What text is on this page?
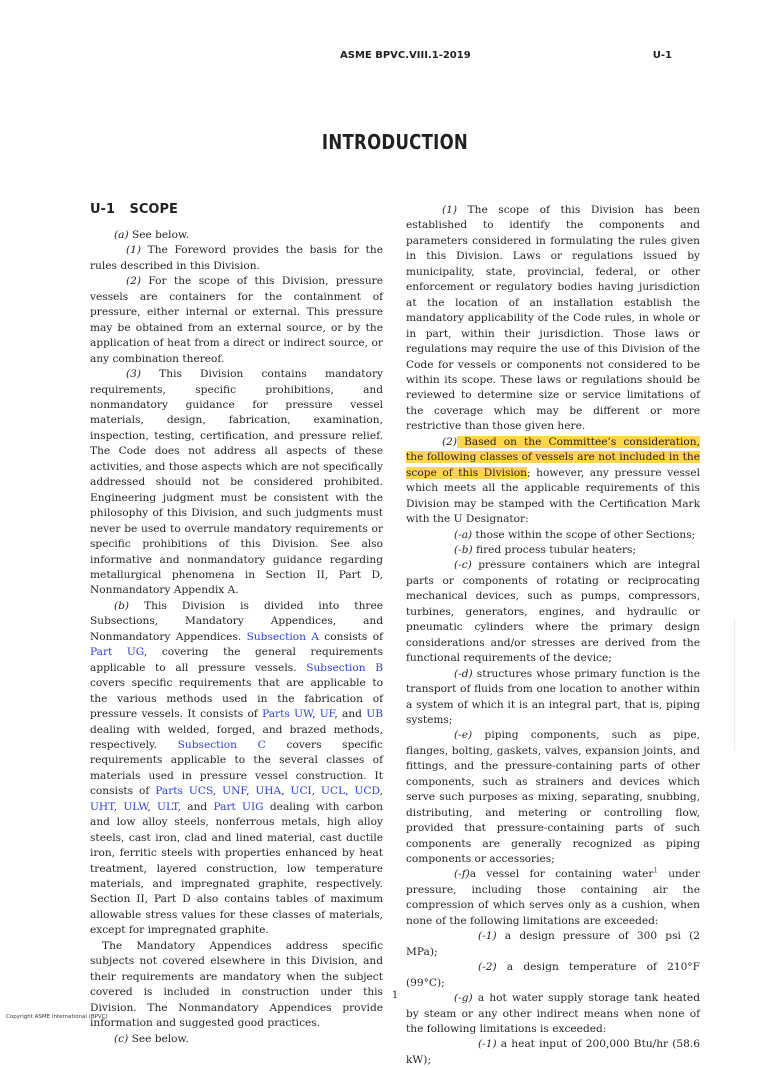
ASME BPVC.VIII.1-2019	U-1
INTRODUCTION
U-1 SCOPE

(a) See below.

(1) The Foreword provides the basis for the rules described in this Division.

(2) For the scope of this Division, pressure vessels are containers for the containment of pressure, either internal or external. This pressure may be obtained from an external source, or by the application of heat from a direct or indirect source, or any combination thereof.

(3) This Division contains mandatory requirements, specific prohibitions, and nonmandatory guidance for pressure vessel materials, design, fabrication, examination, inspection, testing, certification, and pressure relief. The Code does not address all aspects of these activities, and those aspects which are not specifically addressed should not be considered prohibited. Engineering judgment must be consistent with the philosophy of this Division, and such judgments must never be used to overrule mandatory requirements or specific prohibitions of this Division. See also informative and nonmandatory guidance regarding metallurgical phenomena in Section II, Part D, Nonmandatory Appendix A.

(b) This Division is divided into three Subsections, Mandatory Appendices, and Nonmandatory Appendices. Subsection A consists of Part UG, covering the general requirements applicable to all pressure vessels. Subsection B covers specific requirements that are applicable to the various methods used in the fabrication of pressure vessels. It consists of Parts UW, UF, and UB dealing with welded, forged, and brazed methods, respectively. Subsection C covers specific requirements applicable to the several classes of materials used in pressure vessel construction. It consists of Parts UCS, UNF, UHA, UCI, UCL, UCD, UHT, ULW, ULT, and Part UIG dealing with carbon and low alloy steels, nonferrous metals, high alloy steels, cast iron, clad and lined material, cast ductile iron, ferritic steels with properties enhanced by heat treatment, layered construction, low temperature materials, and impregnated graphite, respectively. Section II, Part D also contains tables of maximum allowable stress values for these classes of materials, except for impregnated graphite.

The Mandatory Appendices address specific subjects not covered elsewhere in this Division, and their requirements are mandatory when the subject covered is included in construction under this Division. The Nonmandatory Appendices provide information and suggested good practices.

(c) See below.

(1) The scope of this Division has been established to identify the components and parameters considered in formulating the rules given in this Division. Laws or regulations issued by municipality, state, provincial, federal, or other enforcement or regulatory bodies having jurisdiction at the location of an installation establish the mandatory applicability of the Code rules, in whole or in part, within their jurisdiction. Those laws or regulations may require the use of this Division of the Code for vessels or components not considered to be within its scope. These laws or regulations should be reviewed to determine size or service limitations of the coverage which may be different or more restrictive than those given here.

(2) Based on the Committee’s consideration, the following classes of vessels are not included in the scope of this Division; however, any pressure vessel which meets all the applicable requirements of this Division may be stamped with the Certification Mark with the U Designator:

(-a) those within the scope of other Sections;

(-b) fired process tubular heaters;

(-c) pressure containers which are integral parts or components of rotating or reciprocating mechanical devices, such as pumps, compressors, turbines, generators, engines, and hydraulic or pneumatic cylinders where the primary design considerations and/or stresses are derived from the functional requirements of the device;

(-d) structures whose primary function is the transport of fluids from one location to another within a system of which it is an integral part, that is, piping systems;

(-e) piping components, such as pipe, flanges, bolting, gaskets, valves, expansion joints, and fittings, and the pressure-containing parts of other components, such as strainers and devices which serve such purposes as mixing, separating, snubbing, distributing, and metering or controlling flow, provided that pressure-containing parts of such components are generally recognized as piping components or accessories;

(-f)a vessel for containing water$^1$ under pressure, including those containing air the compression of which serves only as a cushion, when none of the following limitations are exceeded:

(-1) a design pressure of 300 psi (2 MPa);

(-2) a design temperature of 210°F (99°C);

(-g) a hot water supply storage tank heated by steam or any other indirect means when none of the following limitations is exceeded:

(-1) a heat input of 200,000 Btu/hr (58.6 kW);

1
Copyright ASME International (BPVC)
